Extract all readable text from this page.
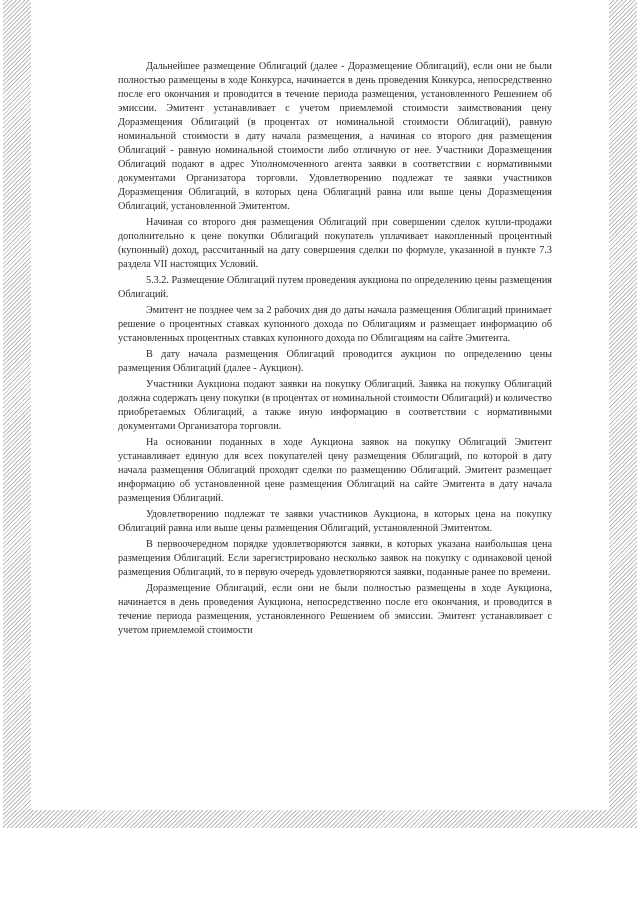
Дальнейшее размещение Облигаций (далее - Доразмещение Облигаций), если они не были полностью размещены в ходе Конкурса, начинается в день проведения Конкурса, непосредственно после его окончания и проводится в течение периода размещения, установленного Решением об эмиссии. Эмитент устанавливает с учетом приемлемой стоимости заимствования цену Доразмещения Облигаций (в процентах от номинальной стоимости Облигаций), равную номинальной стоимости в дату начала размещения, а начиная со второго дня размещения Облигаций - равную номинальной стоимости либо отличную от нее. Участники Доразмещения Облигаций подают в адрес Уполномоченного агента заявки в соответствии с нормативными документами Организатора торговли. Удовлетворению подлежат те заявки участников Доразмещения Облигаций, в которых цена Облигаций равна или выше цены Доразмещения Облигаций, установленной Эмитентом.

Начиная со второго дня размещения Облигаций при совершении сделок купли-продажи дополнительно к цене покупки Облигаций покупатель уплачивает накопленный процентный (купонный) доход, рассчитанный на дату совершения сделки по формуле, указанной в пункте 7.3 раздела VII настоящих Условий.

5.3.2. Размещение Облигаций путем проведения аукциона по определению цены размещения Облигаций.

Эмитент не позднее чем за 2 рабочих дня до даты начала размещения Облигаций принимает решение о процентных ставках купонного дохода по Облигациям и размещает информацию об установленных процентных ставках купонного дохода по Облигациям на сайте Эмитента.

В дату начала размещения Облигаций проводится аукцион по определению цены размещения Облигаций (далее - Аукцион).

Участники Аукциона подают заявки на покупку Облигаций. Заявка на покупку Облигаций должна содержать цену покупки (в процентах от номинальной стоимости Облигаций) и количество приобретаемых Облигаций, а также иную информацию в соответствии с нормативными документами Организатора торговли.

На основании поданных в ходе Аукциона заявок на покупку Облигаций Эмитент устанавливает единую для всех покупателей цену размещения Облигаций, по которой в дату начала размещения Облигаций проходят сделки по размещению Облигаций. Эмитент размещает информацию об установленной цене размещения Облигаций на сайте Эмитента в дату начала размещения Облигаций.

Удовлетворению подлежат те заявки участников Аукциона, в которых цена на покупку Облигаций равна или выше цены размещения Облигаций, установленной Эмитентом.

В первоочередном порядке удовлетворяются заявки, в которых указана наибольшая цена размещения Облигаций. Если зарегистрировано несколько заявок на покупку с одинаковой ценой размещения Облигаций, то в первую очередь удовлетворяются заявки, поданные ранее по времени.

Доразмещение Облигаций, если они не были полностью размещены в ходе Аукциона, начинается в день проведения Аукциона, непосредственно после его окончания, и проводится в течение периода размещения, установленного Решением об эмиссии. Эмитент устанавливает с учетом приемлемой стоимости
